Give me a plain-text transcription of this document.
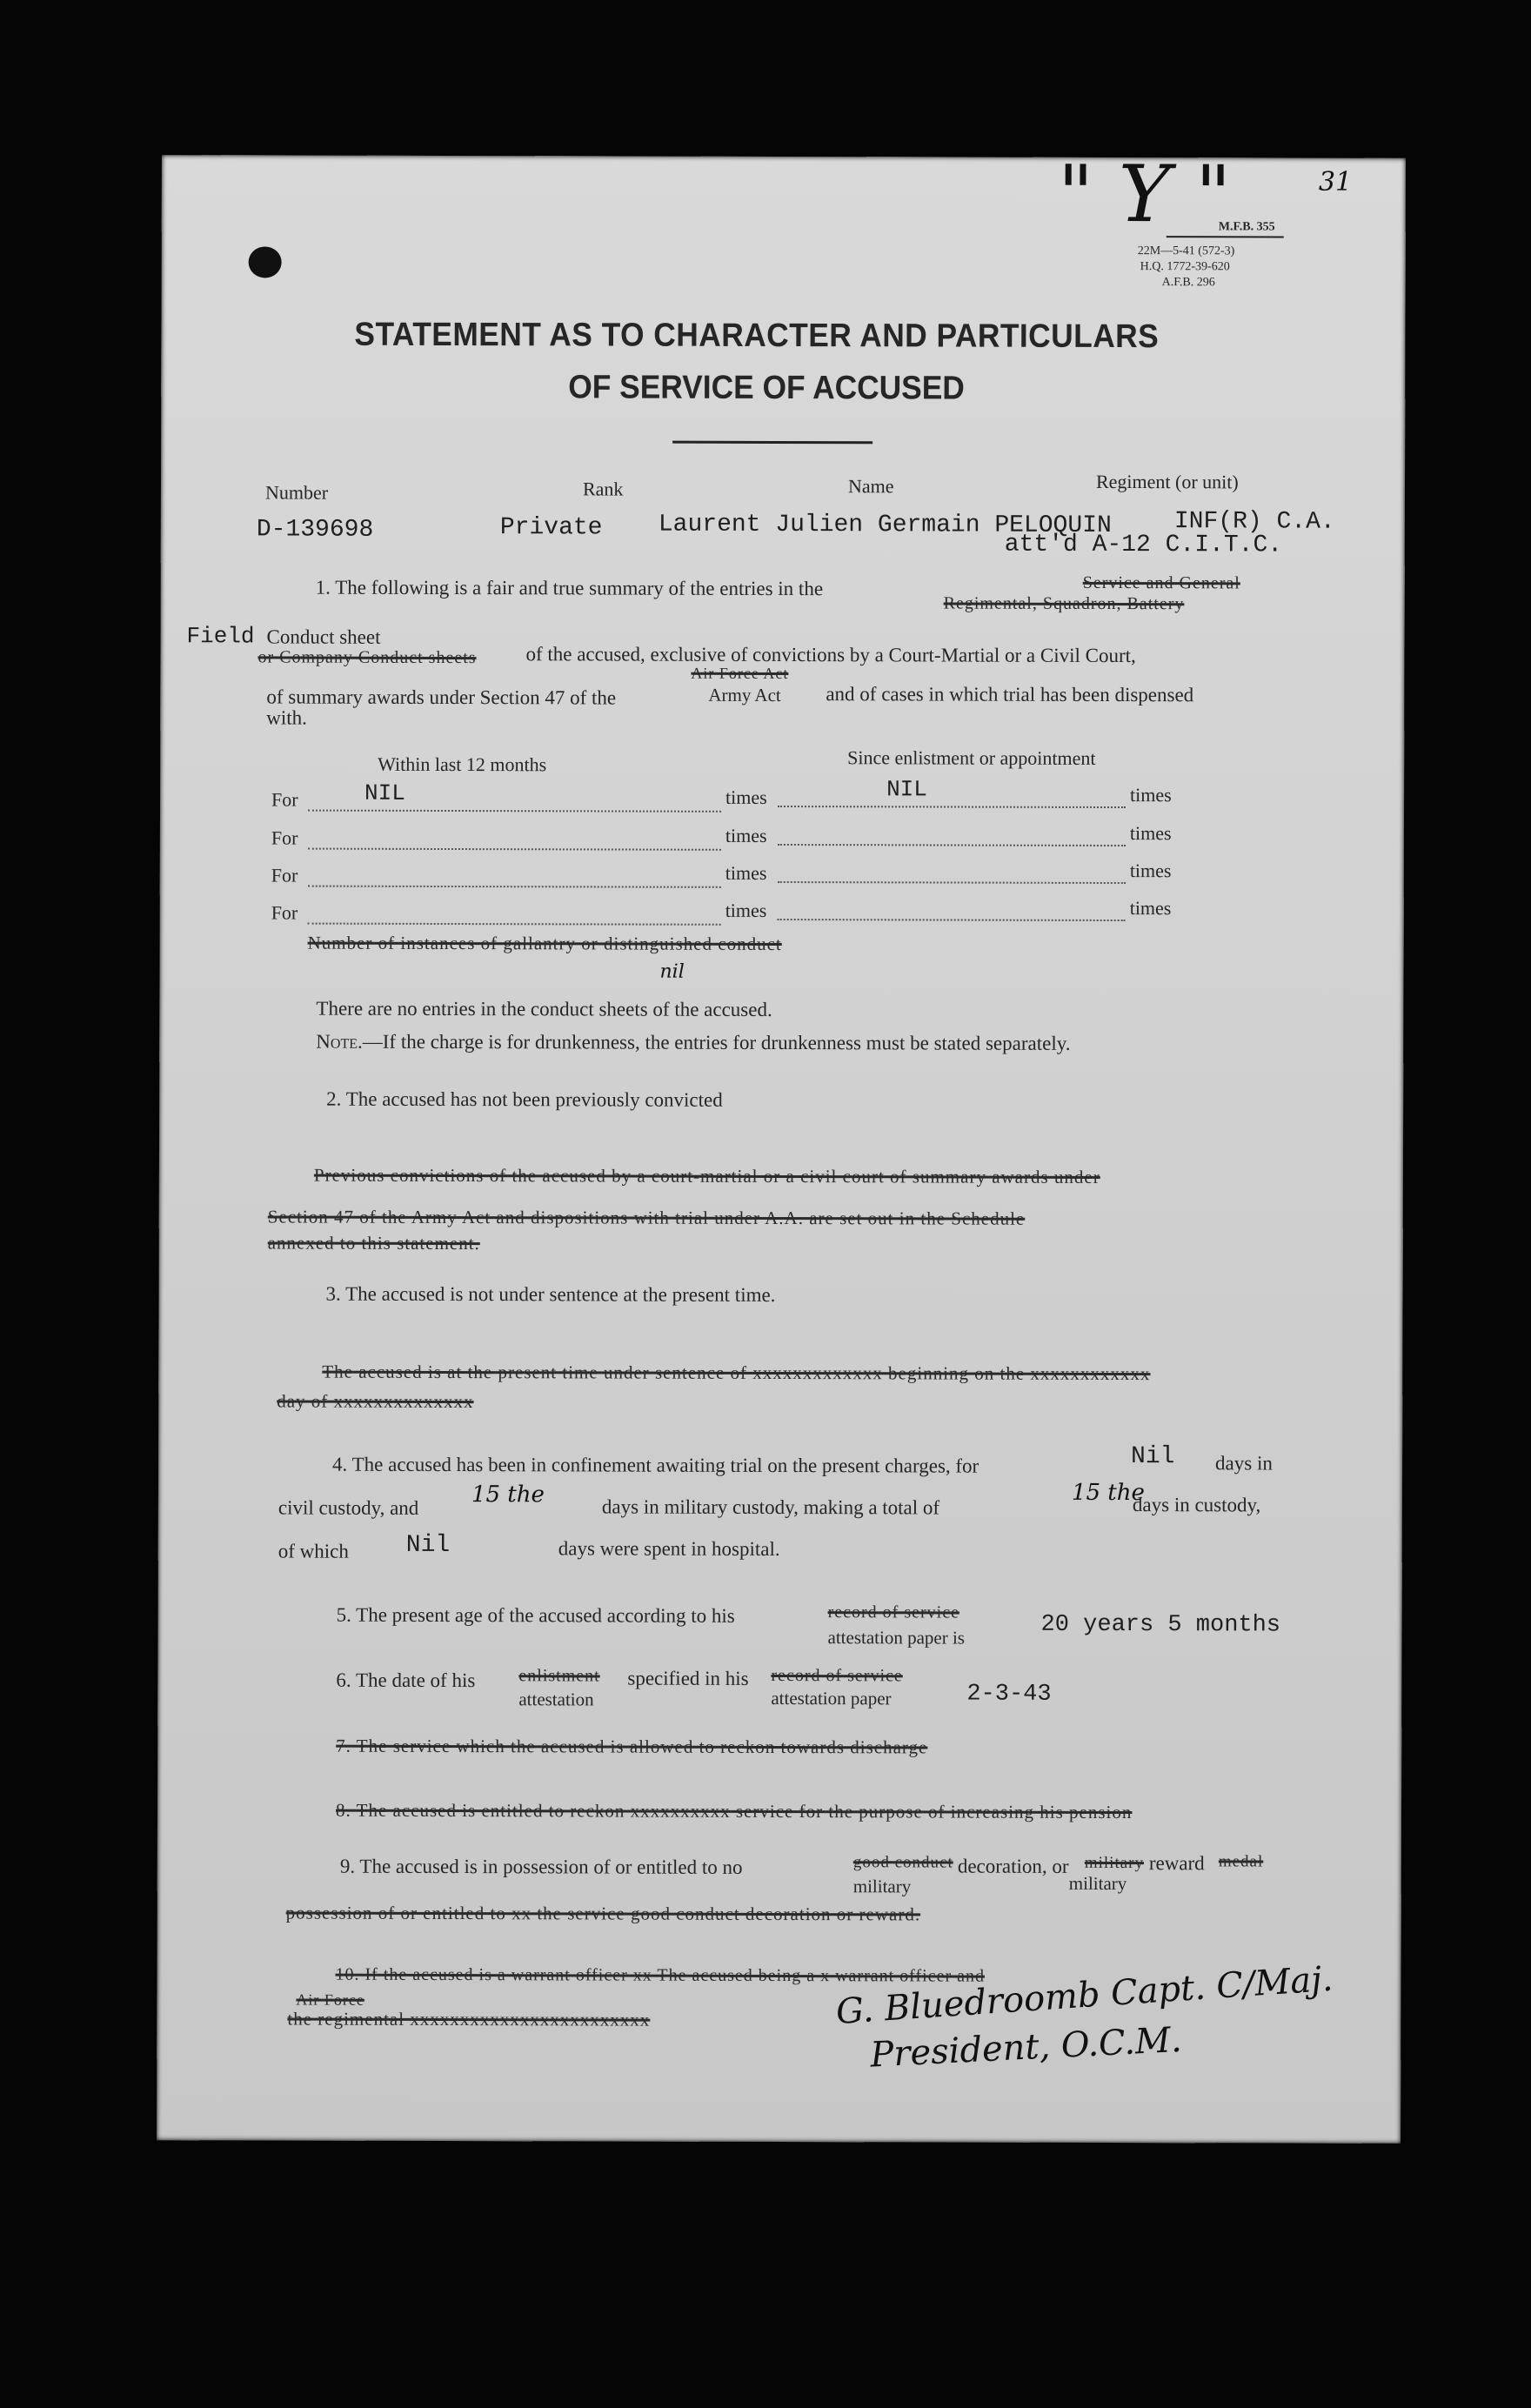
" Y "	31
M.F.B. 355
22M—5-41 (572-3)
H.Q. 1772-39-620
A.F.B. 296
STATEMENT AS TO CHARACTER AND PARTICULARS
OF SERVICE OF ACCUSED
Number	Rank	Name	Regiment (or unit)
D-139698	Private Laurent Julien Germain PELOQUIN	INF(R) C.A.
att'd A-12 C.I.T.C.
1. The following is a fair and true summary of the entries in the	Service and General
Regimental, Squadron, Battery
Field Conduct sheet
or Company Conduct sheets of the accused, exclusive of convictions by a Court-Martial or a Civil Court,
Air Force Act
of summary awards under Section 47 of the	Army Act and of cases in which trial has been dispensed
with.
Within last 12 months	Since enlistment or appointment
For	NIL	times	NIL	times
For	times	times
For	times	times
For	times	times
Number of instances of gallantry or distinguished conduct
nil
There are no entries in the conduct sheets of the accused.
Note.—If the charge is for drunkenness, the entries for drunkenness must be stated separately.
2. The accused has not been previously convicted
Previous convictions of the accused by a court-martial or a civil court of summary awards under
Section 47 of the Army Act and dispositions with trial under A.A. are set out in the Schedule
annexed to this statement.
3. The accused is not under sentence at the present time.
The accused is at the present time under sentence of xxxxxxxxxxxxx beginning on the xxxxxxxxxxxx
day of xxxxxxxxxxxxxx
4. The accused has been in confinement awaiting trial on the present charges, for	Nil days in
civil custody, and 15 the	days in military custody, making a total of
15 the
days in custody,
of which Nil	days were spent in hospital.
5. The present age of the accused according to his	record of service
attestation paper is	20 years 5 months
6. The date of his	enlistment
attestation
specified in his record of service
attestation paper	2-3-43
7. The service which the accused is allowed to reckon towards discharge
8. The accused is entitled to reckon xxxxxxxxxx service for the purpose of increasing his pension
9. The accused is in possession of or entitled to no	good conduct
military
decoration, or military
military
reward medal
possession of or entitled to xx the service good conduct decoration or reward.
10. If the accused is a warrant officer xx The accused being a x warrant officer and
Air Force
the regimental xxxxxxxxxxxxxxxxxxxxxxxx	G. Bluedroomb Capt. C/Maj.
President, O.C.M.
